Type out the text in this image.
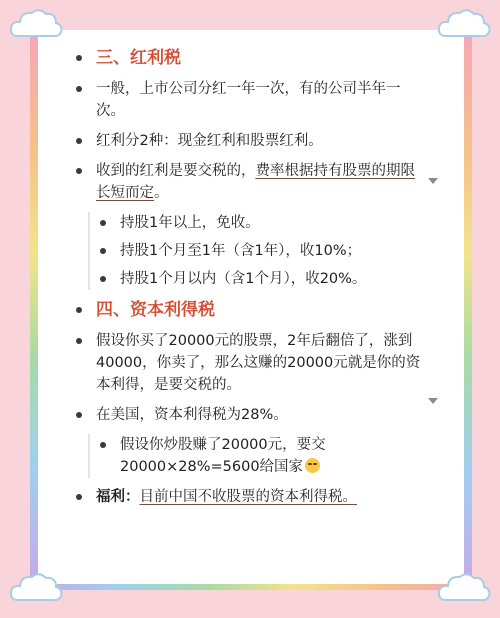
三、红利税
一般，上市公司分红一年一次，有的公司半年一次。
红利分2种：现金红利和股票红利。
收到的红利是要交税的，费率根据持有股票的期限长短而定。
持股1年以上，免收。
持股1个月至1年（含1年），收10%；
持股1个月以内（含1个月），收20%。
四、资本利得税
假设你买了20000元的股票，2年后翻倍了，涨到40000，你卖了，那么这赚的20000元就是你的资本利得，是要交税的。
在美国，资本利得税为28%。
假设你炒股赚了20000元，要交20000×28%=5600给国家
福利：目前中国不收股票的资本利得税。
